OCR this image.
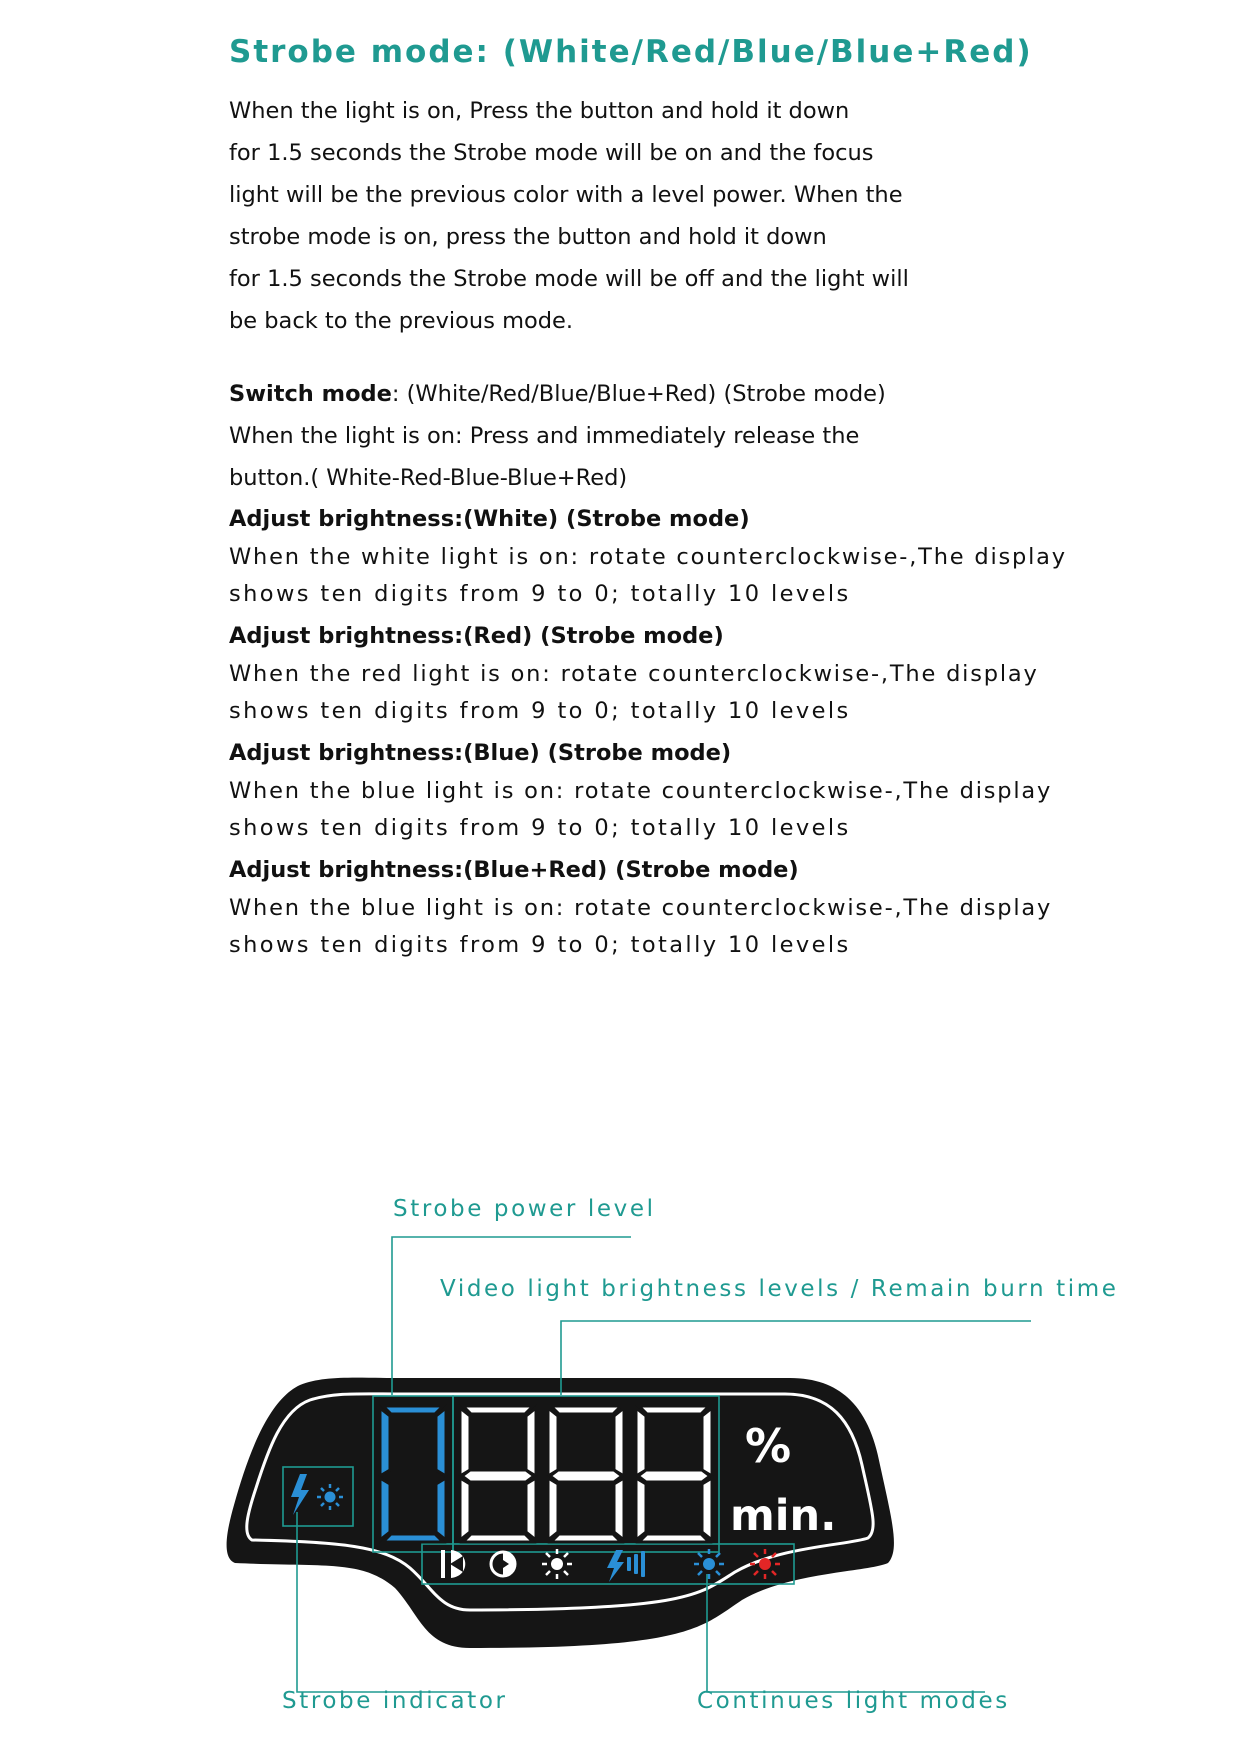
Strobe mode: (White/Red/Blue/Blue+Red)
When the light is on, Press the button and hold it down
for 1.5 seconds the Strobe mode will be on and the focus
light will be the previous color with a level power. When the
strobe mode is on, press the button and hold it down
for 1.5 seconds the Strobe mode will be off and the light will
be back to the previous mode.
Switch mode: (White/Red/Blue/Blue+Red) (Strobe mode)
When the light is on: Press and immediately release the
button.( White-Red-Blue-Blue+Red)
Adjust brightness:(White) (Strobe mode)
When the white light is on: rotate counterclockwise-,The display
shows ten digits from 9 to 0; totally 10 levels
Adjust brightness:(Red) (Strobe mode)
When the red light is on: rotate counterclockwise-,The display
shows ten digits from 9 to 0; totally 10 levels
Adjust brightness:(Blue) (Strobe mode)
When the blue light is on: rotate counterclockwise-,The display
shows ten digits from 9 to 0; totally 10 levels
Adjust brightness:(Blue+Red) (Strobe mode)
When the blue light is on: rotate counterclockwise-,The display
shows ten digits from 9 to 0; totally 10 levels
Strobe power level
Video light brightness levels / Remain burn time
Strobe indicator	Continues light modes
%
min.
